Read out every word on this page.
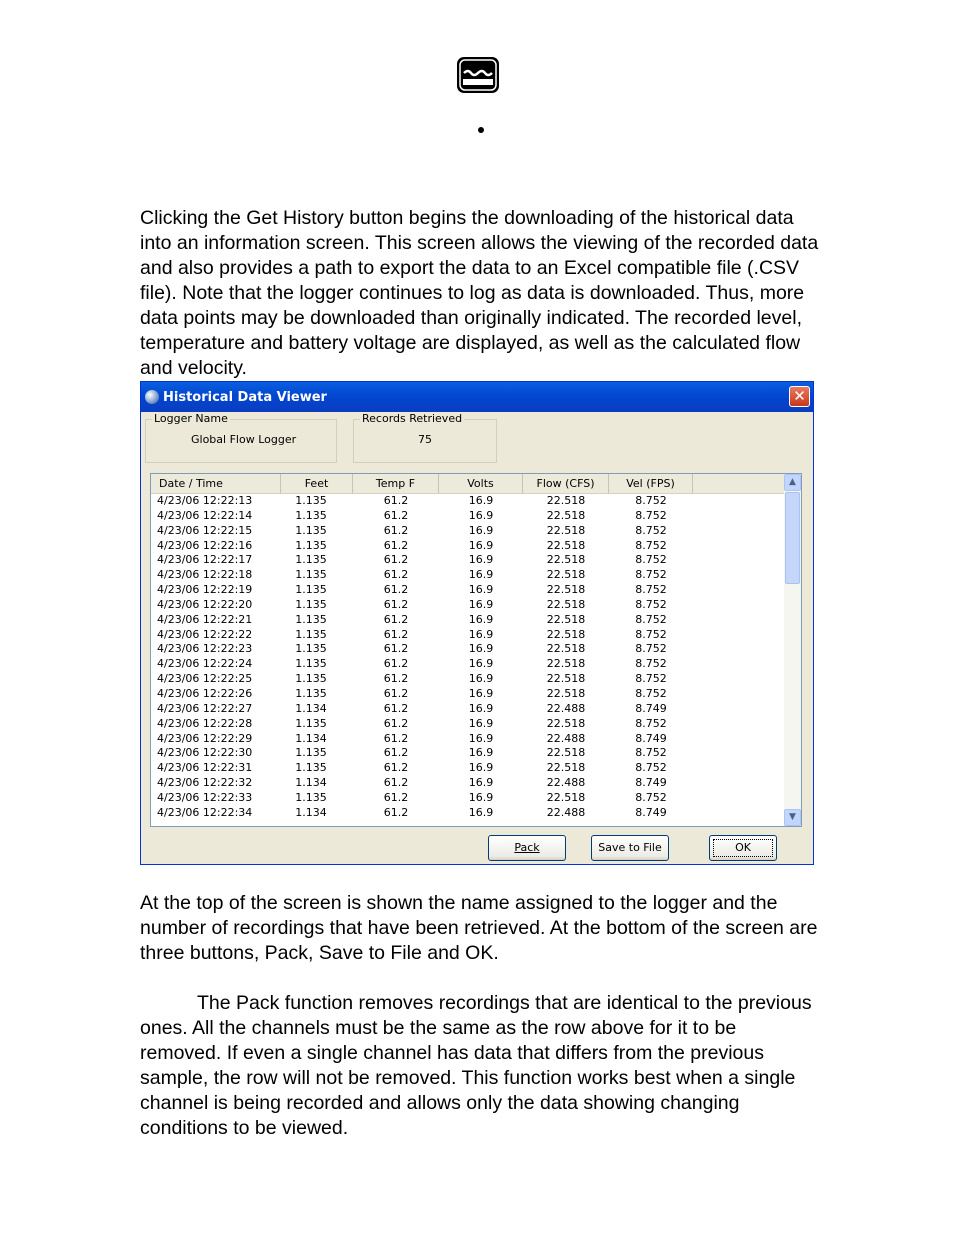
Clicking the Get History button begins the downloading of the historical data into an information screen. This screen allows the viewing of the recorded data and also provides a path to export the data to an Excel compatible file (.CSV file). Note that the logger continues to log as data is downloaded. Thus, more data points may be downloaded than originally indicated. The recorded level, temperature and battery voltage are displayed, as well as the calculated flow and velocity.

Historical Data Viewer	✕
Logger Name
Global Flow Logger
Records Retrieved
75
Date / Time	Feet	Temp F	Volts	Flow (CFS)	Vel (FPS)
4/23/06 12:22:13	1.135	61.2	16.9	22.518	8.752
4/23/06 12:22:14	1.135	61.2	16.9	22.518	8.752
4/23/06 12:22:15	1.135	61.2	16.9	22.518	8.752
4/23/06 12:22:16	1.135	61.2	16.9	22.518	8.752
4/23/06 12:22:17	1.135	61.2	16.9	22.518	8.752
4/23/06 12:22:18	1.135	61.2	16.9	22.518	8.752
4/23/06 12:22:19	1.135	61.2	16.9	22.518	8.752
4/23/06 12:22:20	1.135	61.2	16.9	22.518	8.752
4/23/06 12:22:21	1.135	61.2	16.9	22.518	8.752
4/23/06 12:22:22	1.135	61.2	16.9	22.518	8.752
4/23/06 12:22:23	1.135	61.2	16.9	22.518	8.752
4/23/06 12:22:24	1.135	61.2	16.9	22.518	8.752
4/23/06 12:22:25	1.135	61.2	16.9	22.518	8.752
4/23/06 12:22:26	1.135	61.2	16.9	22.518	8.752
4/23/06 12:22:27	1.134	61.2	16.9	22.488	8.749
4/23/06 12:22:28	1.135	61.2	16.9	22.518	8.752
4/23/06 12:22:29	1.134	61.2	16.9	22.488	8.749
4/23/06 12:22:30	1.135	61.2	16.9	22.518	8.752
4/23/06 12:22:31	1.135	61.2	16.9	22.518	8.752
4/23/06 12:22:32	1.134	61.2	16.9	22.488	8.749
4/23/06 12:22:33	1.135	61.2	16.9	22.518	8.752
4/23/06 12:22:34	1.134	61.2	16.9	22.488	8.749
▲
▼
Pack	Save to File	OK

At the top of the screen is shown the name assigned to the logger and the number of recordings that have been retrieved. At the bottom of the screen are three buttons, Pack, Save to File and OK.

The Pack function removes recordings that are identical to the previous ones. All the channels must be the same as the row above for it to be removed. If even a single channel has data that differs from the previous sample, the row will not be removed. This function works best when a single channel is being recorded and allows only the data showing changing conditions to be viewed.
